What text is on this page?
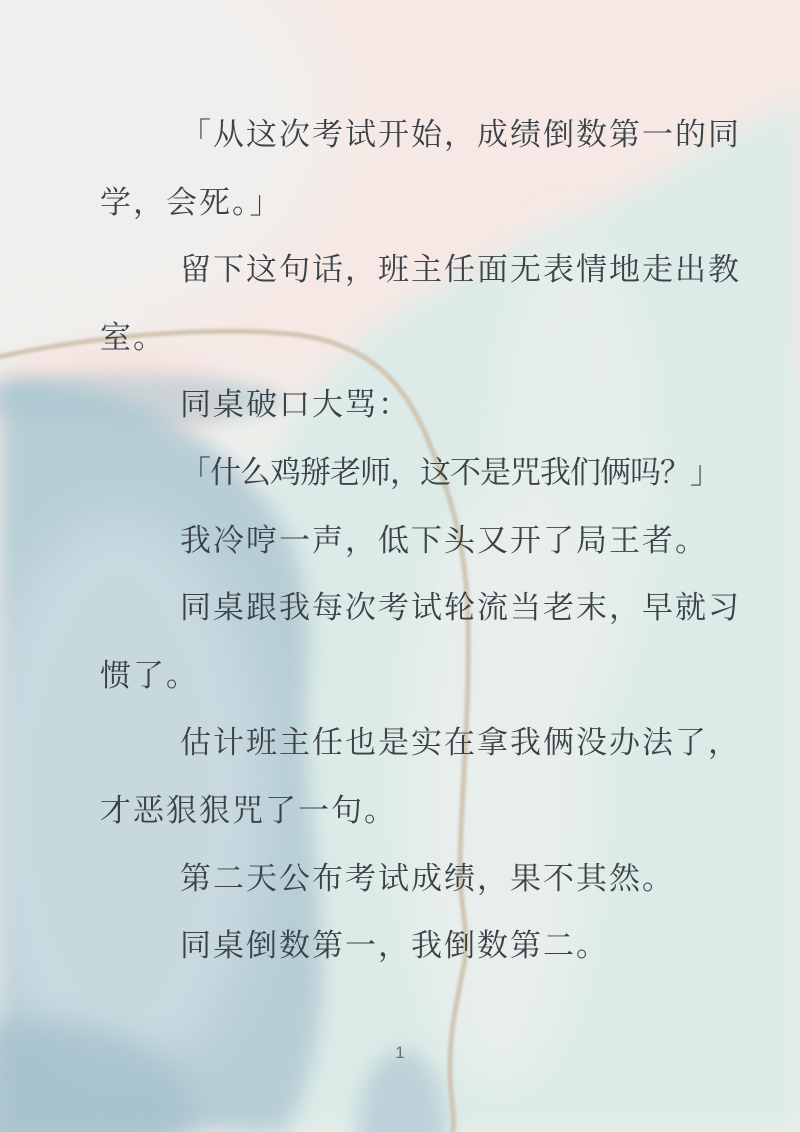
「从这次考试开始，成绩倒数第一的同
学，会死。」
留下这句话，班主任面无表情地走出教
室。
同桌破口大骂：
「什么鸡掰老师，这不是咒我们俩吗？」
我冷哼一声，低下头又开了局王者。
同桌跟我每次考试轮流当老末，早就习
惯了。
估计班主任也是实在拿我俩没办法了，
才恶狠狠咒了一句。
第二天公布考试成绩，果不其然。
同桌倒数第一，我倒数第二。
1
